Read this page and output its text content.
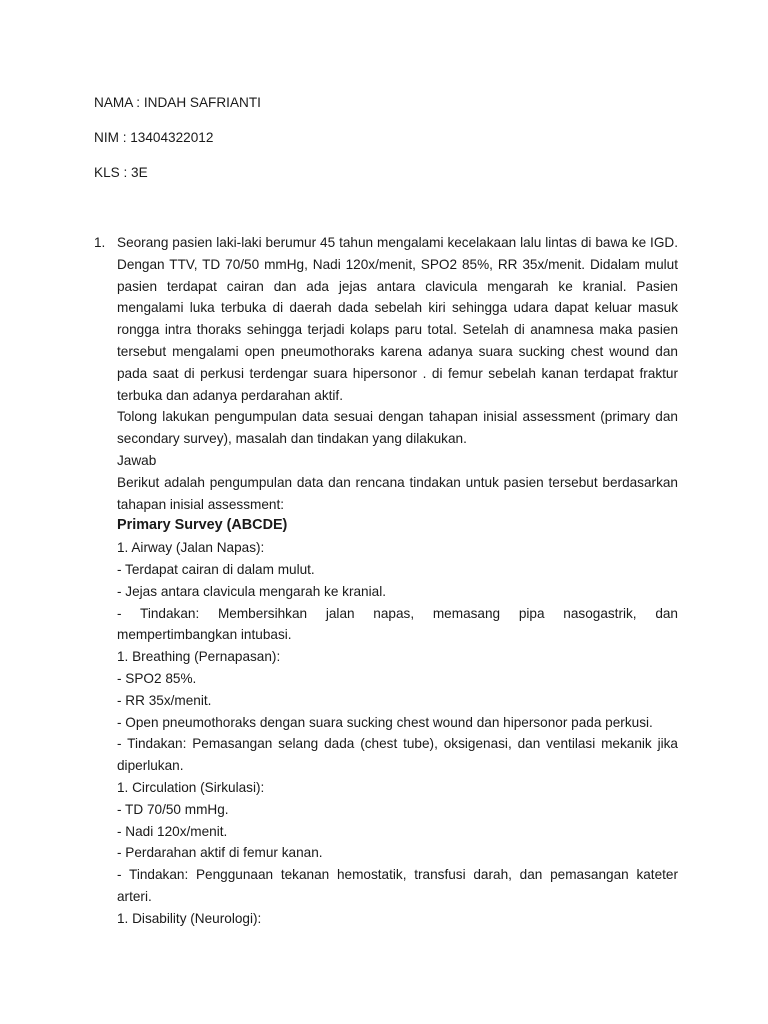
NAMA : INDAH SAFRIANTI
NIM : 13404322012
KLS : 3E
1. Seorang pasien laki-laki berumur 45 tahun mengalami kecelakaan lalu lintas di bawa ke IGD. Dengan TTV, TD 70/50 mmHg, Nadi 120x/menit, SPO2 85%, RR 35x/menit. Didalam mulut pasien terdapat cairan dan ada jejas antara clavicula mengarah ke kranial. Pasien mengalami luka terbuka di daerah dada sebelah kiri sehingga udara dapat keluar masuk rongga intra thoraks sehingga terjadi kolaps paru total. Setelah di anamnesa maka pasien tersebut mengalami open pneumothoraks karena adanya suara sucking chest wound dan pada saat di perkusi terdengar suara hipersonor . di femur sebelah kanan terdapat fraktur terbuka dan adanya perdarahan aktif.

Tolong lakukan pengumpulan data sesuai dengan tahapan inisial assessment (primary dan secondary survey), masalah dan tindakan yang dilakukan.

Jawab

Berikut adalah pengumpulan data dan rencana tindakan untuk pasien tersebut berdasarkan tahapan inisial assessment:

Primary Survey (ABCDE)

1. Airway (Jalan Napas):

- Terdapat cairan di dalam mulut.

- Jejas antara clavicula mengarah ke kranial.

- Tindakan: Membersihkan jalan napas, memasang pipa nasogastrik, dan mempertimbangkan intubasi.

1. Breathing (Pernapasan):

- SPO2 85%.

- RR 35x/menit.

- Open pneumothoraks dengan suara sucking chest wound dan hipersonor pada perkusi.

- Tindakan: Pemasangan selang dada (chest tube), oksigenasi, dan ventilasi mekanik jika diperlukan.

1. Circulation (Sirkulasi):

- TD 70/50 mmHg.

- Nadi 120x/menit.

- Perdarahan aktif di femur kanan.

- Tindakan: Penggunaan tekanan hemostatik, transfusi darah, dan pemasangan kateter arteri.

1. Disability (Neurologi):
